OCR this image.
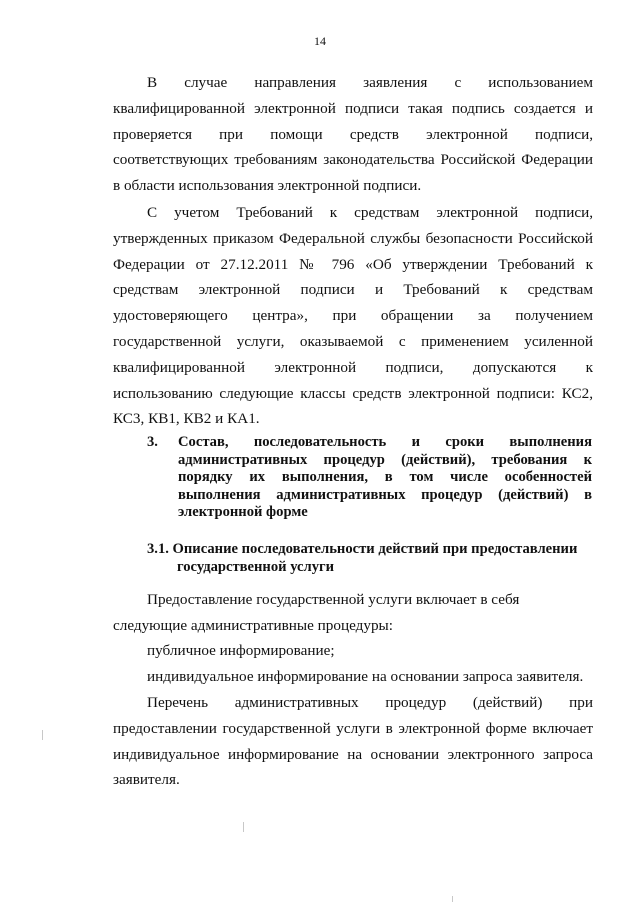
14

В случае направления заявления с использованием квалифицированной электронной подписи такая подпись создается и проверяется при помощи средств электронной подписи, соответствующих требованиям законодательства Российской Федерации в области использования электронной подписи.

С учетом Требований к средствам электронной подписи, утвержденных приказом Федеральной службы безопасности Российской Федерации от 27.12.2011 № 796 «Об утверждении Требований к средствам электронной подписи и Требований к средствам удостоверяющего центра», при обращении за получением государственной услуги, оказываемой с применением усиленной квалифицированной электронной подписи, допускаются к использованию следующие классы средств электронной подписи: КС2, КС3, КВ1, КВ2 и КА1.

3. Состав, последовательность и сроки выполнения административных процедур (действий), требования к порядку их выполнения, в том числе особенностей выполнения административных процедур (действий) в электронной форме
3.1. Описание последовательности действий при предоставлении
государственной услуги

Предоставление государственной услуги включает в себя следующие административные процедуры:

публичное информирование;

индивидуальное информирование на основании запроса заявителя.

Перечень административных процедур (действий) при предоставлении государственной услуги в электронной форме включает индивидуальное информирование на основании электронного запроса заявителя.
